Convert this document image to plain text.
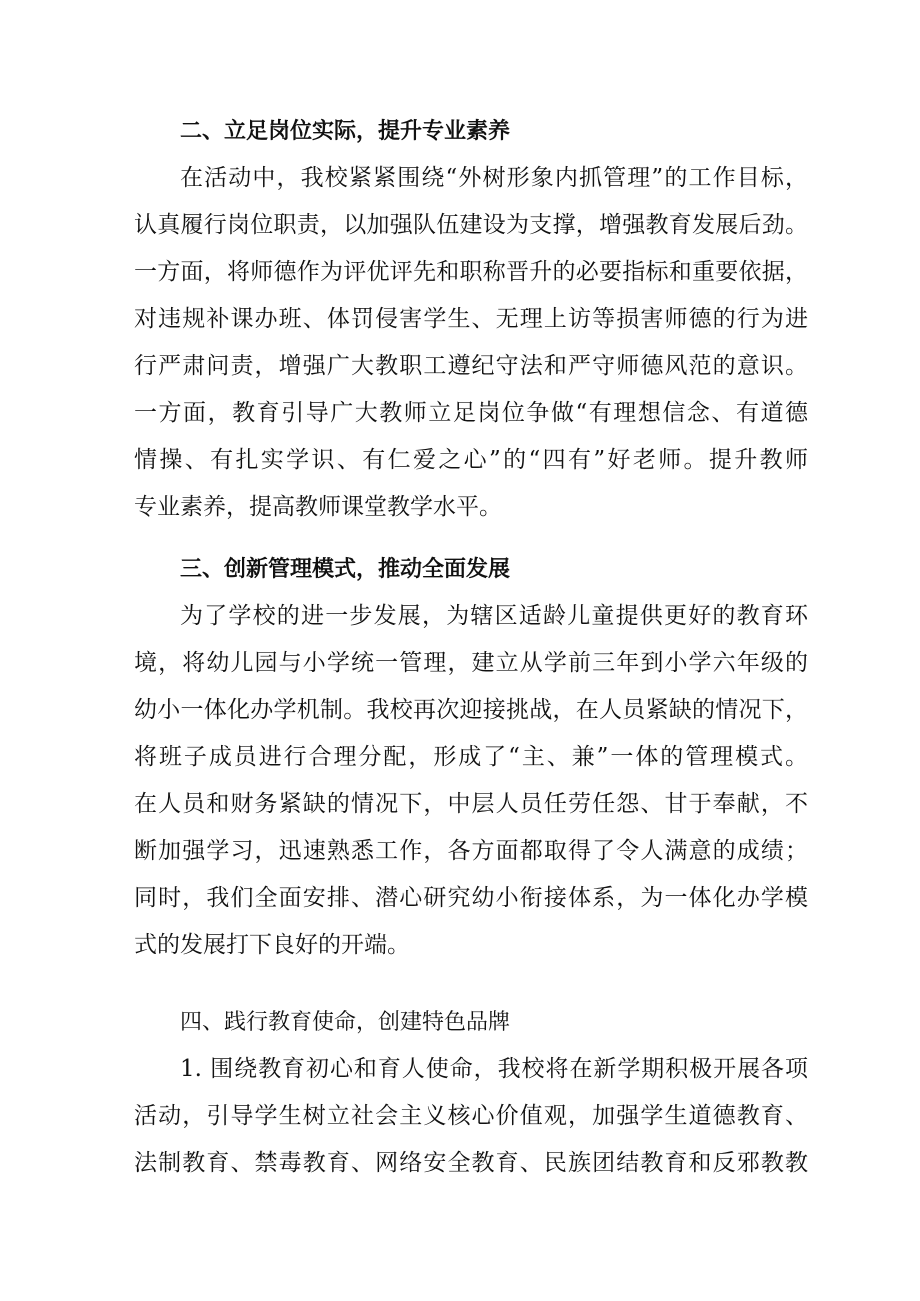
二、立足岗位实际，提升专业素养
在活动中，我校紧紧围绕“外树形象内抓管理”的工作目标，
认真履行岗位职责，以加强队伍建设为支撑，增强教育发展后劲。
一方面，将师德作为评优评先和职称晋升的必要指标和重要依据，
对违规补课办班、体罚侵害学生、无理上访等损害师德的行为进
行严肃问责，增强广大教职工遵纪守法和严守师德风范的意识。
一方面，教育引导广大教师立足岗位争做“有理想信念、有道德
情操、有扎实学识、有仁爱之心”的“四有”好老师。提升教师
专业素养，提高教师课堂教学水平。
三、创新管理模式，推动全面发展
为了学校的进一步发展，为辖区适龄儿童提供更好的教育环
境，将幼儿园与小学统一管理，建立从学前三年到小学六年级的
幼小一体化办学机制。我校再次迎接挑战，在人员紧缺的情况下，
将班子成员进行合理分配，形成了“主、兼”一体的管理模式。
在人员和财务紧缺的情况下，中层人员任劳任怨、甘于奉献，不
断加强学习，迅速熟悉工作，各方面都取得了令人满意的成绩；
同时，我们全面安排、潜心研究幼小衔接体系，为一体化办学模
式的发展打下良好的开端。
四、践行教育使命，创建特色品牌
1. 围绕教育初心和育人使命，我校将在新学期积极开展各项
活动，引导学生树立社会主义核心价值观，加强学生道德教育、
法制教育、禁毒教育、网络安全教育、民族团结教育和反邪教教
